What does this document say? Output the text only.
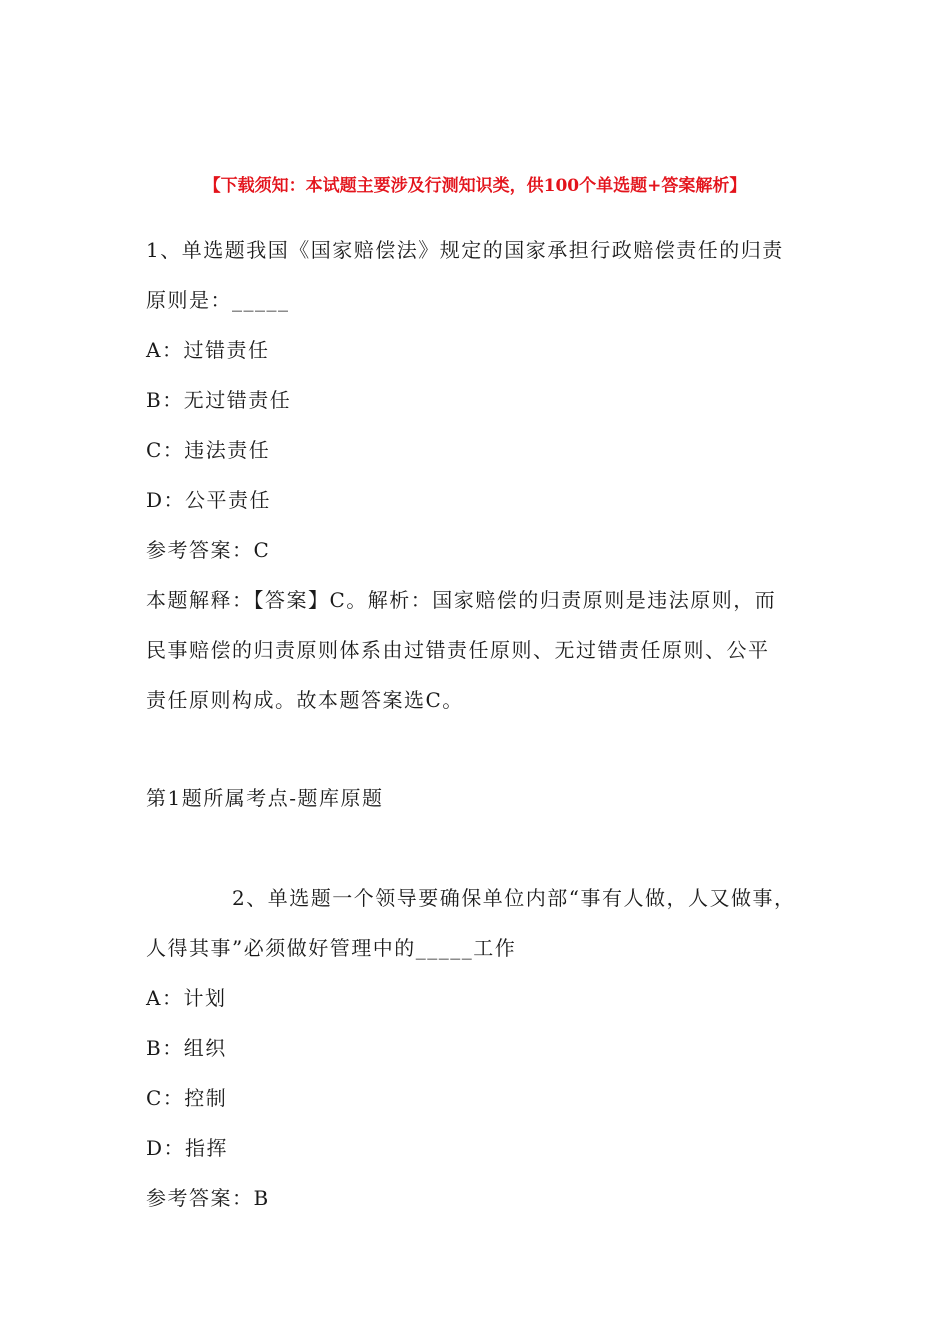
【下载须知：本试题主要涉及行测知识类，供100个单选题+答案解析】

1、单选题我国《国家赔偿法》规定的国家承担行政赔偿责任的归责

原则是：_____

A：过错责任

B：无过错责任

C：违法责任

D：公平责任

参考答案：C

本题解释：【答案】C。解析：国家赔偿的归责原则是违法原则，而

民事赔偿的归责原则体系由过错责任原则、无过错责任原则、公平

责任原则构成。故本题答案选C。

第1题所属考点-题库原题

2、单选题一个领导要确保单位内部“事有人做，人又做事，

人得其事”必须做好管理中的_____工作

A：计划

B：组织

C：控制

D：指挥

参考答案：B
